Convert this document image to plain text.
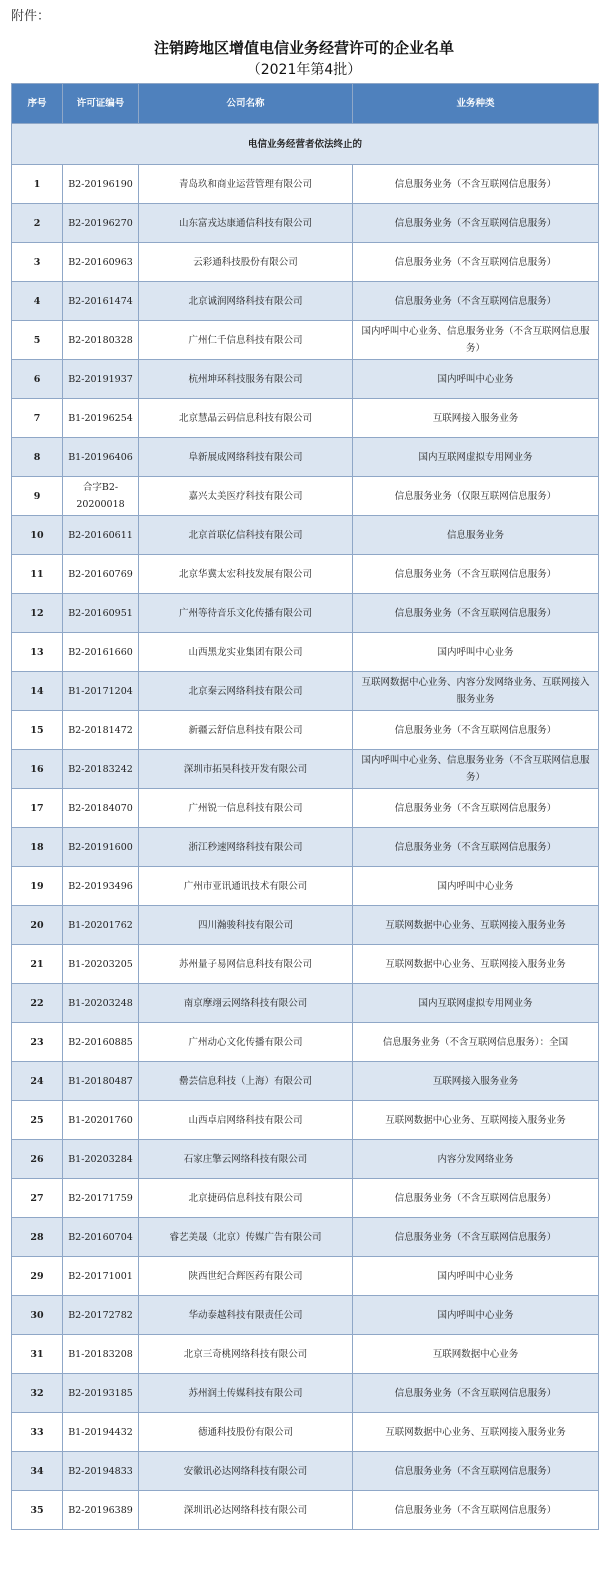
附件：
注销跨地区增值电信业务经营许可的企业名单
（2021年第4批）
序号	许可证编号	公司名称	业务种类
电信业务经营者依法终止的			
1	B2-20196190	青岛玖和商业运营管理有限公司	信息服务业务（不含互联网信息服务）
2	B2-20196270	山东富戎达康通信科技有限公司	信息服务业务（不含互联网信息服务）
3	B2-20160963	云彩通科技股份有限公司	信息服务业务（不含互联网信息服务）
4	B2-20161474	北京诚润网络科技有限公司	信息服务业务（不含互联网信息服务）
5	B2-20180328	广州仁千信息科技有限公司	国内呼叫中心业务、信息服务业务（不含互联网信息服务）
6	B2-20191937	杭州坤环科技服务有限公司	国内呼叫中心业务
7	B1-20196254	北京慧晶云码信息科技有限公司	互联网接入服务业务
8	B1-20196406	阜新展成网络科技有限公司	国内互联网虚拟专用网业务
9	合字B2-20200018	嘉兴太美医疗科技有限公司	信息服务业务（仅限互联网信息服务）
10	B2-20160611	北京首联亿信科技有限公司	信息服务业务
11	B2-20160769	北京华冀太宏科技发展有限公司	信息服务业务（不含互联网信息服务）
12	B2-20160951	广州等待音乐文化传播有限公司	信息服务业务（不含互联网信息服务）
13	B2-20161660	山西黑龙实业集团有限公司	国内呼叫中心业务
14	B1-20171204	北京秦云网络科技有限公司	互联网数据中心业务、内容分发网络业务、互联网接入服务业务
15	B2-20181472	新疆云舒信息科技有限公司	信息服务业务（不含互联网信息服务）
16	B2-20183242	深圳市拓昊科技开发有限公司	国内呼叫中心业务、信息服务业务（不含互联网信息服务）
17	B2-20184070	广州锐一信息科技有限公司	信息服务业务（不含互联网信息服务）
18	B2-20191600	浙江秒速网络科技有限公司	信息服务业务（不含互联网信息服务）
19	B2-20193496	广州市亚讯通讯技术有限公司	国内呼叫中心业务
20	B1-20201762	四川瀚骏科技有限公司	互联网数据中心业务、互联网接入服务业务
21	B1-20203205	苏州量子易网信息科技有限公司	互联网数据中心业务、互联网接入服务业务
22	B1-20203248	南京摩翊云网络科技有限公司	国内互联网虚拟专用网业务
23	B2-20160885	广州动心文化传播有限公司	信息服务业务（不含互联网信息服务）：全国
24	B1-20180487	罍芸信息科技（上海）有限公司	互联网接入服务业务
25	B1-20201760	山西卓启网络科技有限公司	互联网数据中心业务、互联网接入服务业务
26	B1-20203284	石家庄擎云网络科技有限公司	内容分发网络业务
27	B2-20171759	北京捷码信息科技有限公司	信息服务业务（不含互联网信息服务）
28	B2-20160704	睿艺美晟（北京）传媒广告有限公司	信息服务业务（不含互联网信息服务）
29	B2-20171001	陕西世纪合辉医药有限公司	国内呼叫中心业务
30	B2-20172782	华动泰越科技有限责任公司	国内呼叫中心业务
31	B1-20183208	北京三奇桃网络科技有限公司	互联网数据中心业务
32	B2-20193185	苏州润土传媒科技有限公司	信息服务业务（不含互联网信息服务）
33	B1-20194432	德通科技股份有限公司	互联网数据中心业务、互联网接入服务业务
34	B2-20194833	安徽讯必达网络科技有限公司	信息服务业务（不含互联网信息服务）
35	B2-20196389	深圳讯必达网络科技有限公司	信息服务业务（不含互联网信息服务）
